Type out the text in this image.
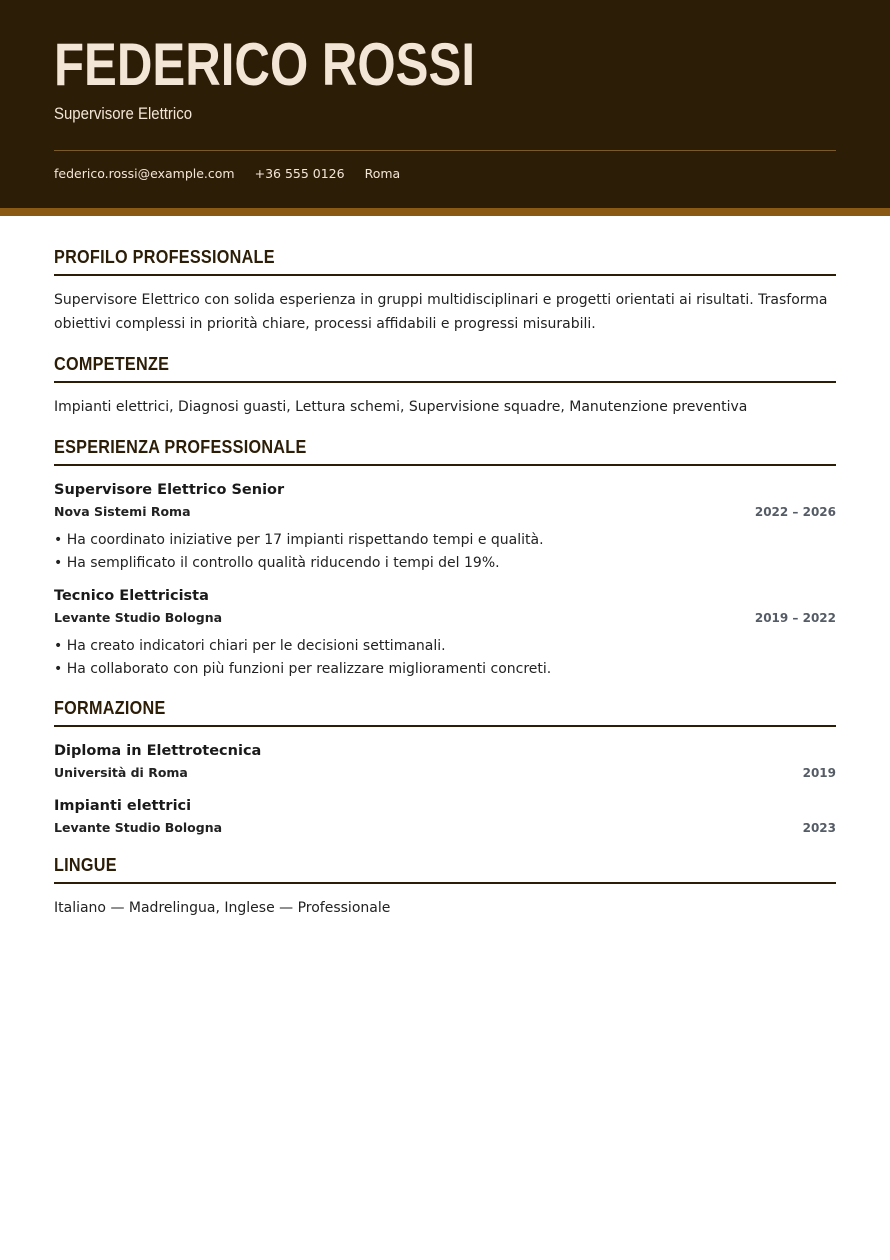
FEDERICO ROSSI
Supervisore Elettrico
federico.rossi@example.com +36 555 0126 Roma
PROFILO PROFESSIONALE

Supervisore Elettrico con solida esperienza in gruppi multidisciplinari e progetti orientati ai risultati. Trasforma obiettivi complessi in priorità chiare, processi affidabili e progressi misurabili.

COMPETENZE

Impianti elettrici, Diagnosi guasti, Lettura schemi, Supervisione squadre, Manutenzione preventiva

ESPERIENZA PROFESSIONALE
Supervisore Elettrico Senior
Nova Sistemi Roma	2022 – 2026
• Ha coordinato iniziative per 17 impianti rispettando tempi e qualità.
• Ha semplificato il controllo qualità riducendo i tempi del 19%.
Tecnico Elettricista
Levante Studio Bologna	2019 – 2022
• Ha creato indicatori chiari per le decisioni settimanali.
• Ha collaborato con più funzioni per realizzare miglioramenti concreti.
FORMAZIONE
Diploma in Elettrotecnica
Università di Roma	2019
Impianti elettrici
Levante Studio Bologna	2023
LINGUE

Italiano — Madrelingua, Inglese — Professionale
